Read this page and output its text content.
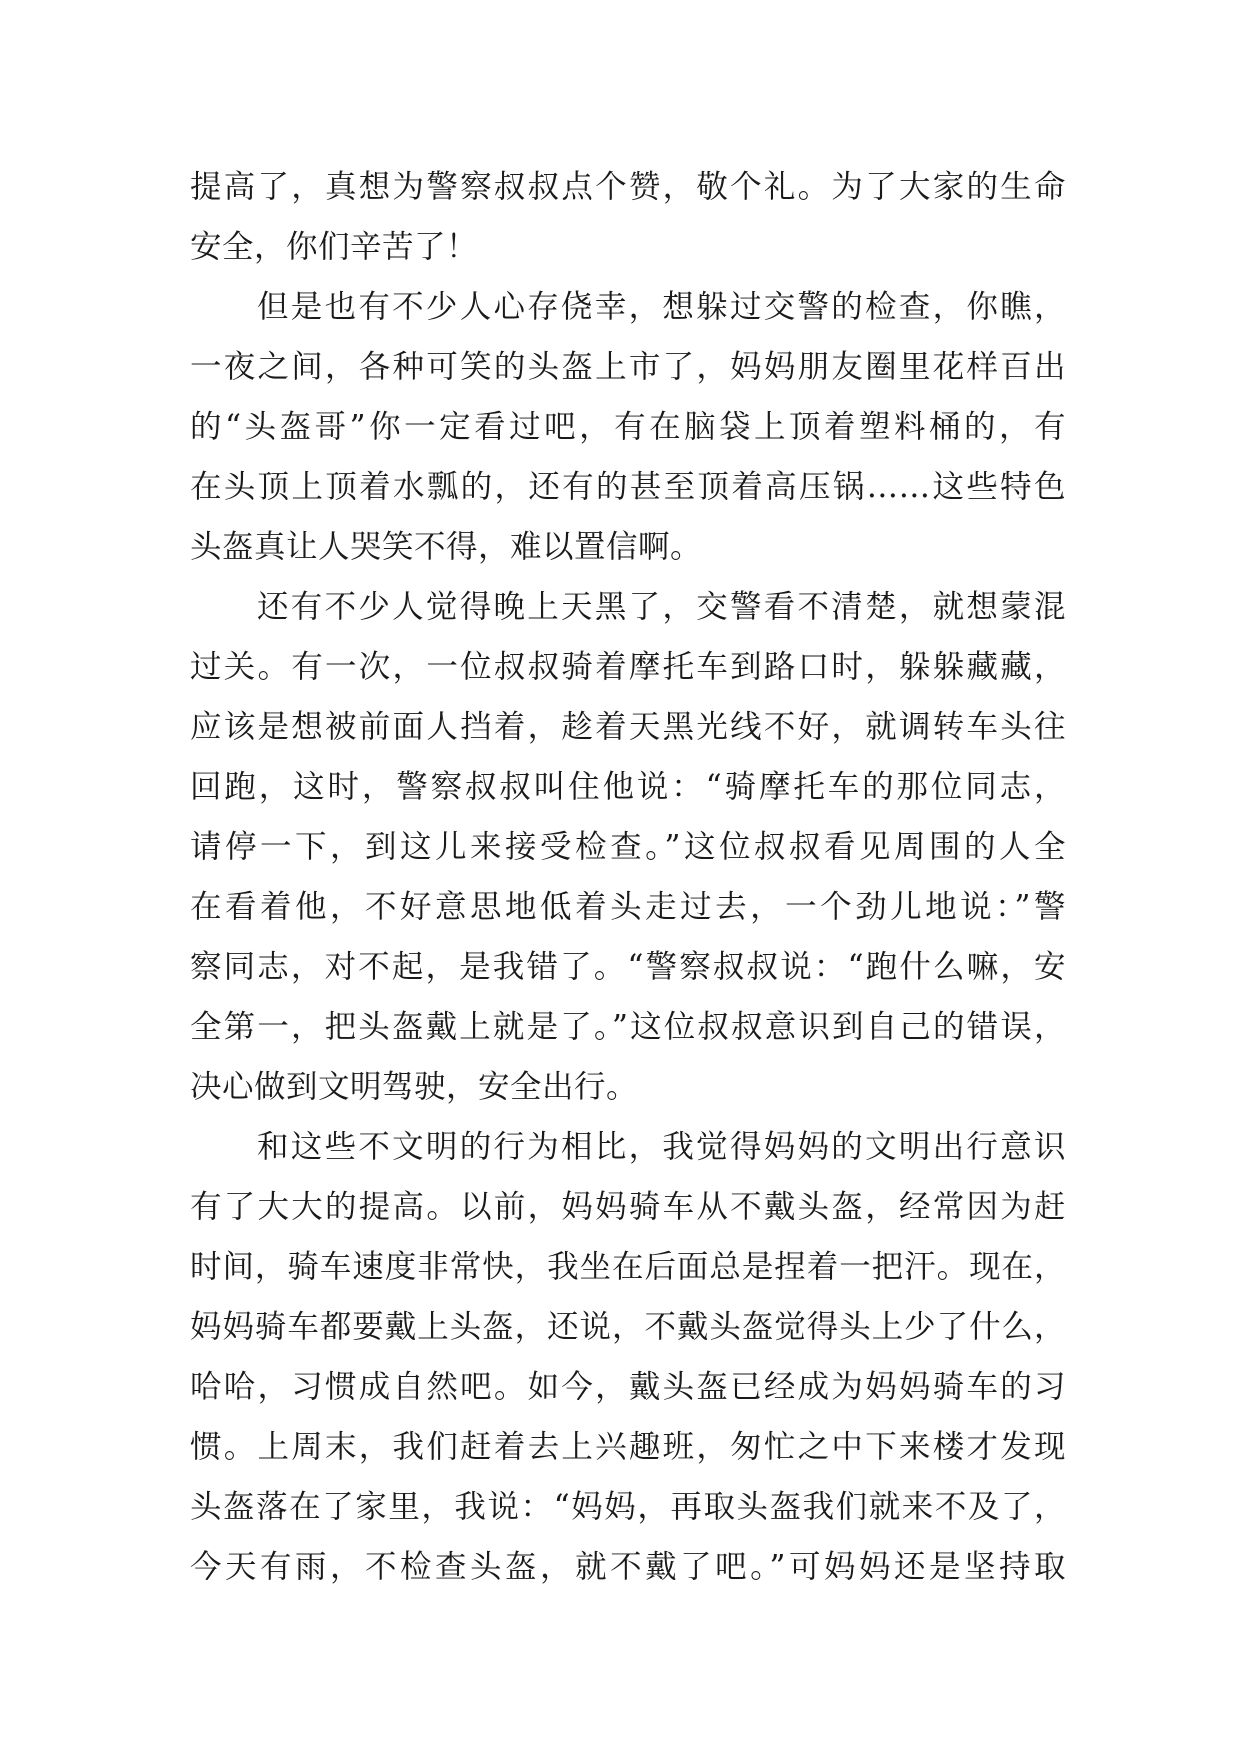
提高了，真想为警察叔叔点个赞，敬个礼。为了大家的生命
安全，你们辛苦了！
但是也有不少人心存侥幸，想躲过交警的检查，你瞧，
一夜之间，各种可笑的头盔上市了，妈妈朋友圈里花样百出
的“头盔哥”你一定看过吧，有在脑袋上顶着塑料桶的，有
在头顶上顶着水瓢的，还有的甚至顶着高压锅……这些特色
头盔真让人哭笑不得，难以置信啊。
还有不少人觉得晚上天黑了，交警看不清楚，就想蒙混
过关。有一次，一位叔叔骑着摩托车到路口时，躲躲藏藏，
应该是想被前面人挡着，趁着天黑光线不好，就调转车头往
回跑，这时，警察叔叔叫住他说：“骑摩托车的那位同志，
请停一下，到这儿来接受检查。”这位叔叔看见周围的人全
在看着他，不好意思地低着头走过去，一个劲儿地说：”警
察同志，对不起，是我错了。“警察叔叔说：“跑什么嘛，安
全第一，把头盔戴上就是了。”这位叔叔意识到自己的错误，
决心做到文明驾驶，安全出行。
和这些不文明的行为相比，我觉得妈妈的文明出行意识
有了大大的提高。以前，妈妈骑车从不戴头盔，经常因为赶
时间，骑车速度非常快，我坐在后面总是捏着一把汗。现在，
妈妈骑车都要戴上头盔，还说，不戴头盔觉得头上少了什么，
哈哈，习惯成自然吧。如今，戴头盔已经成为妈妈骑车的习
惯。上周末，我们赶着去上兴趣班，匆忙之中下来楼才发现
头盔落在了家里，我说：“妈妈，再取头盔我们就来不及了，
今天有雨，不检查头盔，就不戴了吧。”可妈妈还是坚持取
